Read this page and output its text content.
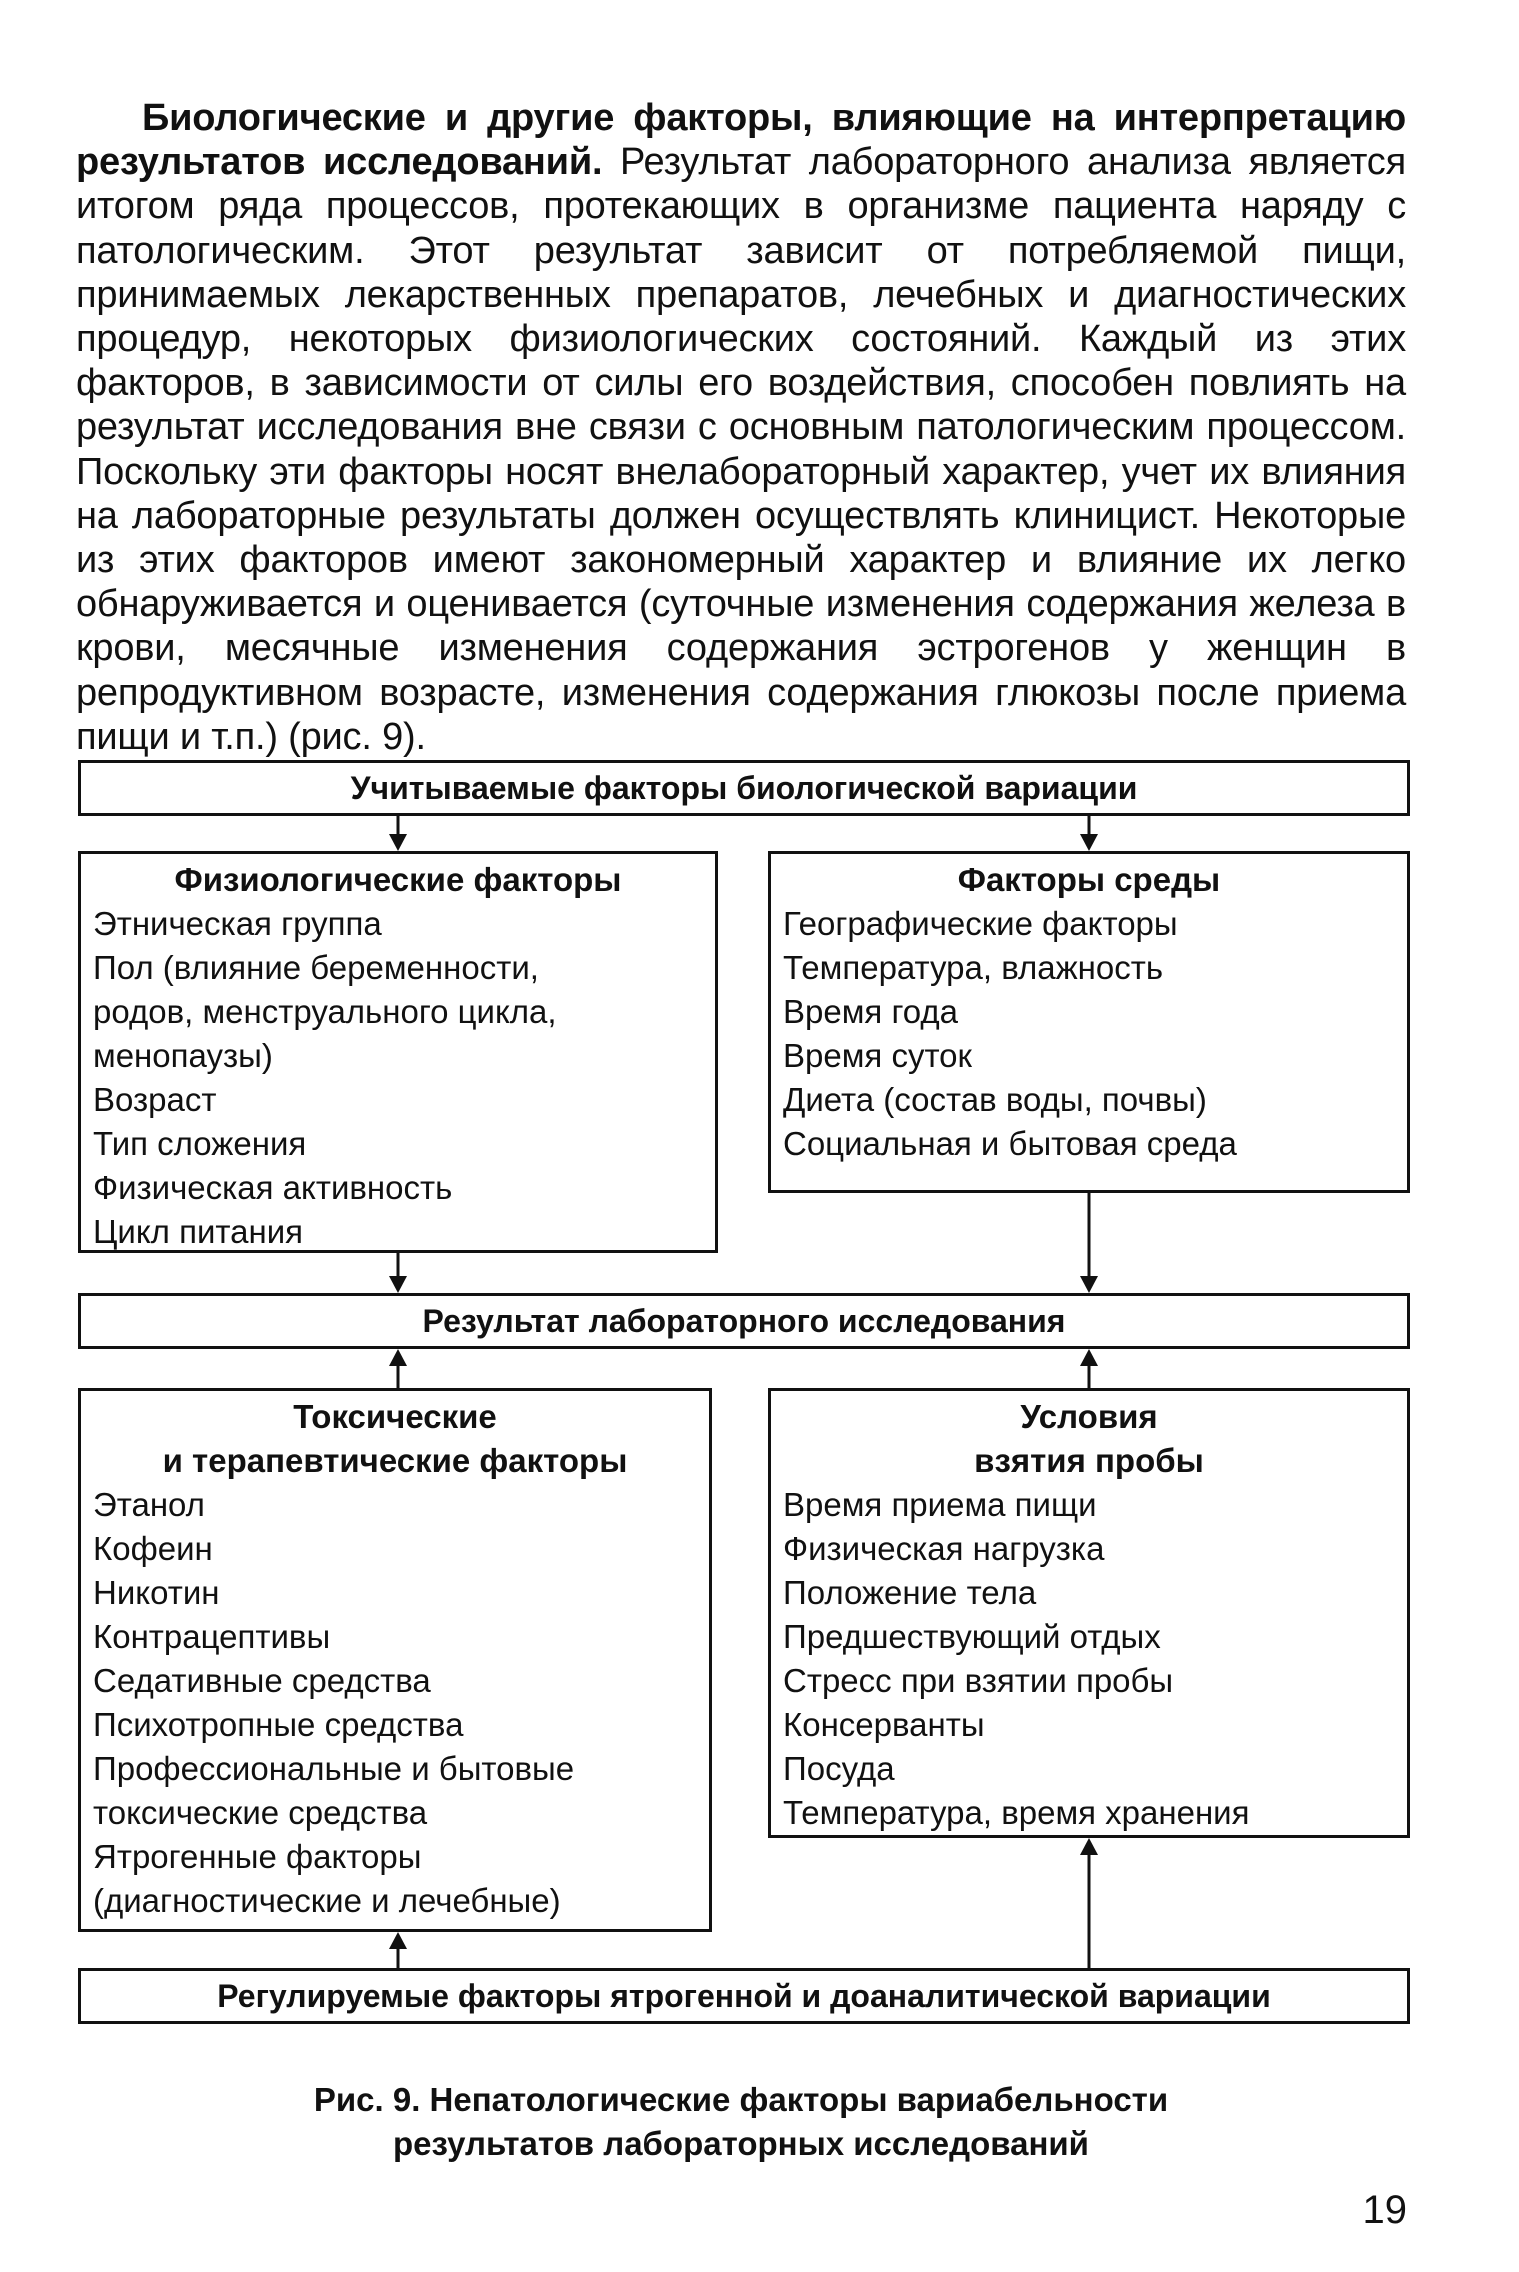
Биологические и другие факторы, влияющие на интерпретацию результатов исследований. Результат лабораторного анализа является итогом ряда процессов, протекающих в организме пациента наряду с патологическим. Этот результат зависит от потребляемой пищи, принимаемых лекарственных препаратов, лечебных и диагностических процедур, некоторых физиологических состояний. Каждый из этих факторов, в зависимости от силы его воздействия, способен повлиять на результат исследования вне связи с основным патологическим процессом. Поскольку эти факторы носят внелабораторный характер, учет их влияния на лабораторные результаты должен осуществлять клиницист. Некоторые из этих факторов имеют закономерный характер и влияние их легко обнаруживается и оценивается (суточные изменения содержания железа в крови, месячные изменения содержания эстрогенов у женщин в репродуктивном возрасте, изменения содержания глюкозы после приема пищи и т.п.) (рис. 9).

Учитываемые факторы биологической вариации
Физиологические факторы
Этническая группа
Пол (влияние беременности,
родов, менструального цикла,
менопаузы)
Возраст
Тип сложения
Физическая активность
Цикл питания
Факторы среды
Географические факторы
Температура, влажность
Время года
Время суток
Диета (состав воды, почвы)
Социальная и бытовая среда
Результат лабораторного исследования
Токсические
и терапевтические факторы
Этанол
Кофеин
Никотин
Контрацептивы
Седативные средства
Психотропные средства
Профессиональные и бытовые
токсические средства
Ятрогенные факторы
(диагностические и лечебные)
Условия
взятия пробы
Время приема пищи
Физическая нагрузка
Положение тела
Предшествующий отдых
Стресс при взятии пробы
Консерванты
Посуда
Температура, время хранения
Регулируемые факторы ятрогенной и доаналитической вариации
Рис. 9. Непатологические факторы вариабельности
результатов лабораторных исследований
19
